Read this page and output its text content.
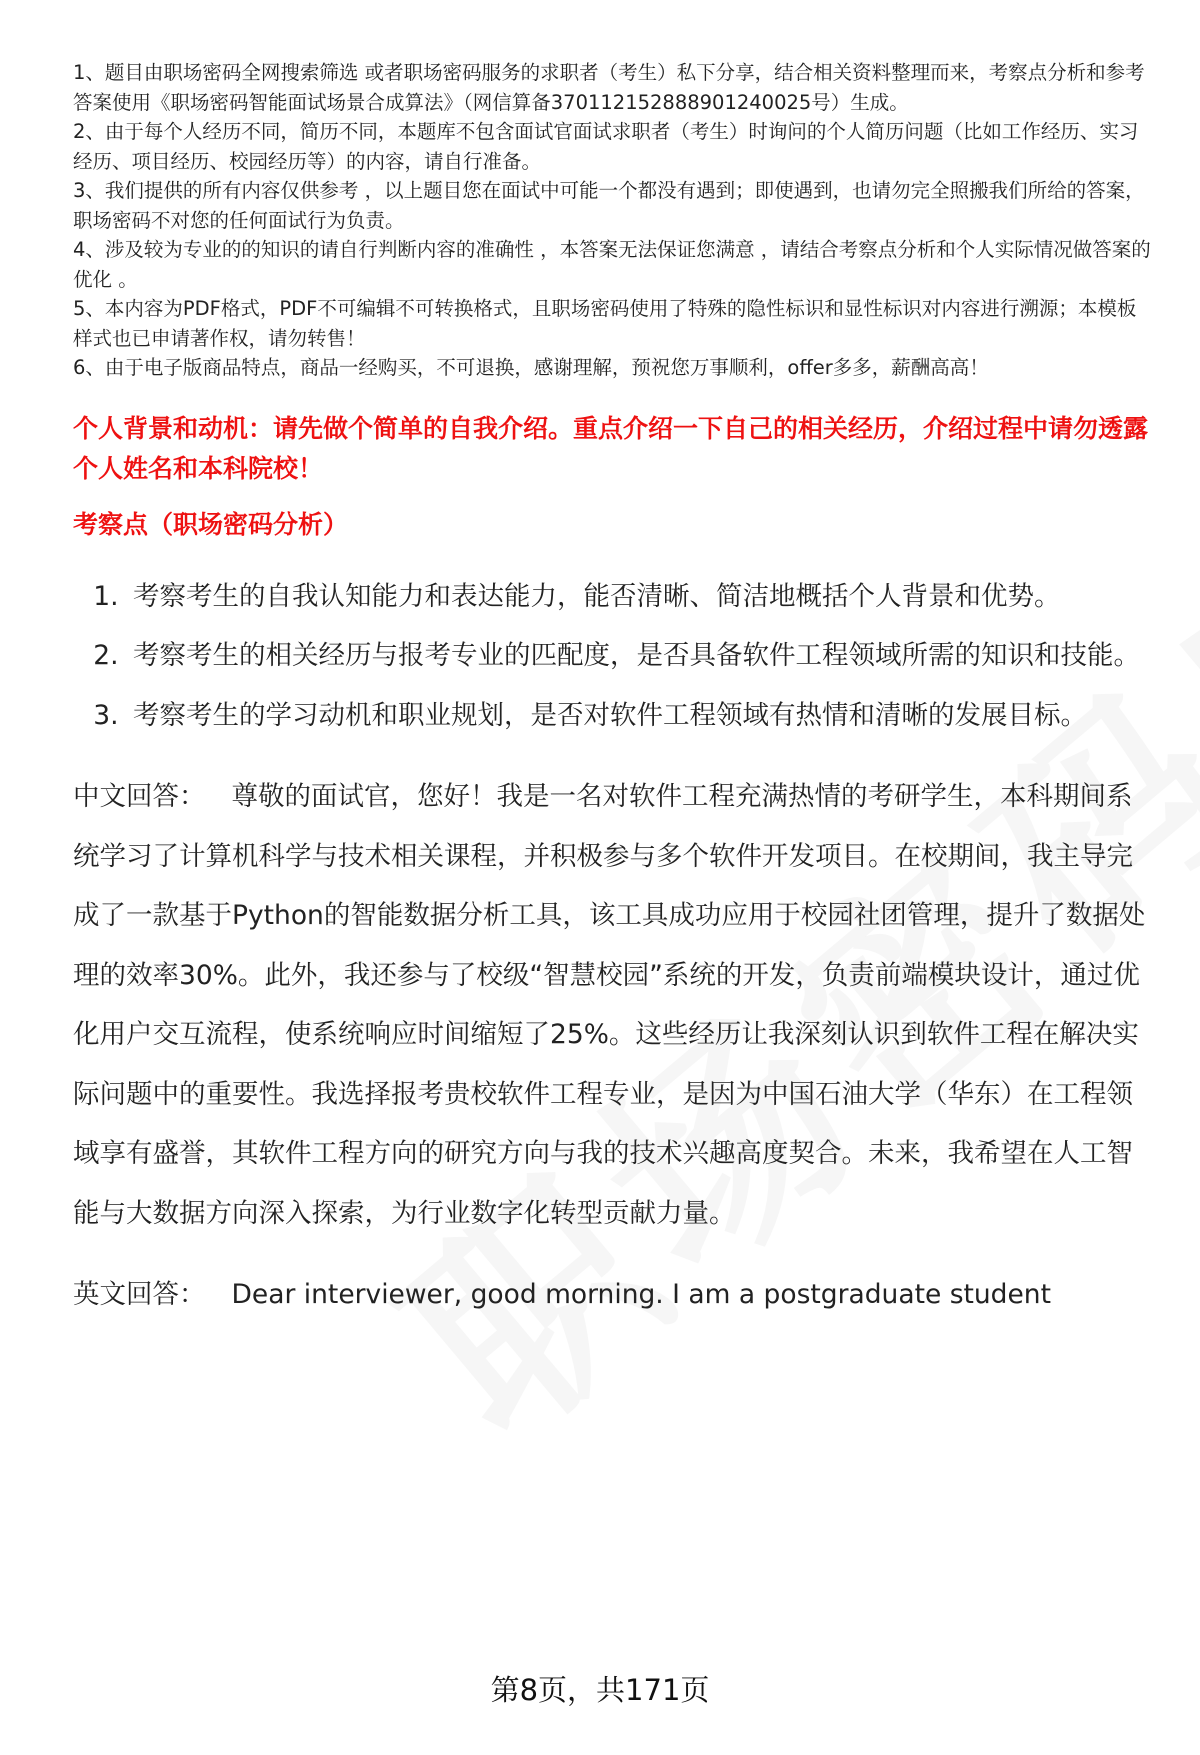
1、题目由职场密码全网搜索筛选 或者职场密码服务的求职者（考生）私下分享，结合相关资料整理而来，考察点分析和参考答案使用《职场密码智能面试场景合成算法》（网信算备370112152888901240025号）生成。

2、由于每个人经历不同，简历不同，本题库不包含面试官面试求职者（考生）时询问的个人简历问题（比如工作经历、实习经历、项目经历、校园经历等）的内容，请自行准备。

3、我们提供的所有内容仅供参考 ，以上题目您在面试中可能一个都没有遇到；即使遇到，也请勿完全照搬我们所给的答案，职场密码不对您的任何面试行为负责。

4、涉及较为专业的的知识的请自行判断内容的准确性 ，本答案无法保证您满意 ，请结合考察点分析和个人实际情况做答案的优化 。

5、本内容为PDF格式，PDF不可编辑不可转换格式，且职场密码使用了特殊的隐性标识和显性标识对内容进行溯源；本模板样式也已申请著作权，请勿转售！

6、由于电子版商品特点，商品一经购买，不可退换，感谢理解，预祝您万事顺利，offer多多，薪酬高高！

个人背景和动机：请先做个简单的自我介绍。重点介绍一下自己的相关经历，介绍过程中请勿透露个人姓名和本科院校！
考察点（职场密码分析）
1. 考察考生的自我认知能力和表达能力，能否清晰、简洁地概括个人背景和优势。
2. 考察考生的相关经历与报考专业的匹配度，是否具备软件工程领域所需的知识和技能。
3. 考察考生的学习动机和职业规划，是否对软件工程领域有热情和清晰的发展目标。
中文回答： 尊敬的面试官，您好！我是一名对软件工程充满热情的考研学生，本科期间系统学习了计算机科学与技术相关课程，并积极参与多个软件开发项目。在校期间，我主导完成了一款基于Python的智能数据分析工具，该工具成功应用于校园社团管理，提升了数据处理的效率30%。此外，我还参与了校级“智慧校园”系统的开发，负责前端模块设计，通过优化用户交互流程，使系统响应时间缩短了25%。这些经历让我深刻认识到软件工程在解决实际问题中的重要性。我选择报考贵校软件工程专业，是因为中国石油大学（华东）在工程领域享有盛誉，其软件工程方向的研究方向与我的技术兴趣高度契合。未来，我希望在人工智能与大数据方向深入探索，为行业数字化转型贡献力量。
英文回答： Dear interviewer, good morning. I am a postgraduate student
第8页，共171页
